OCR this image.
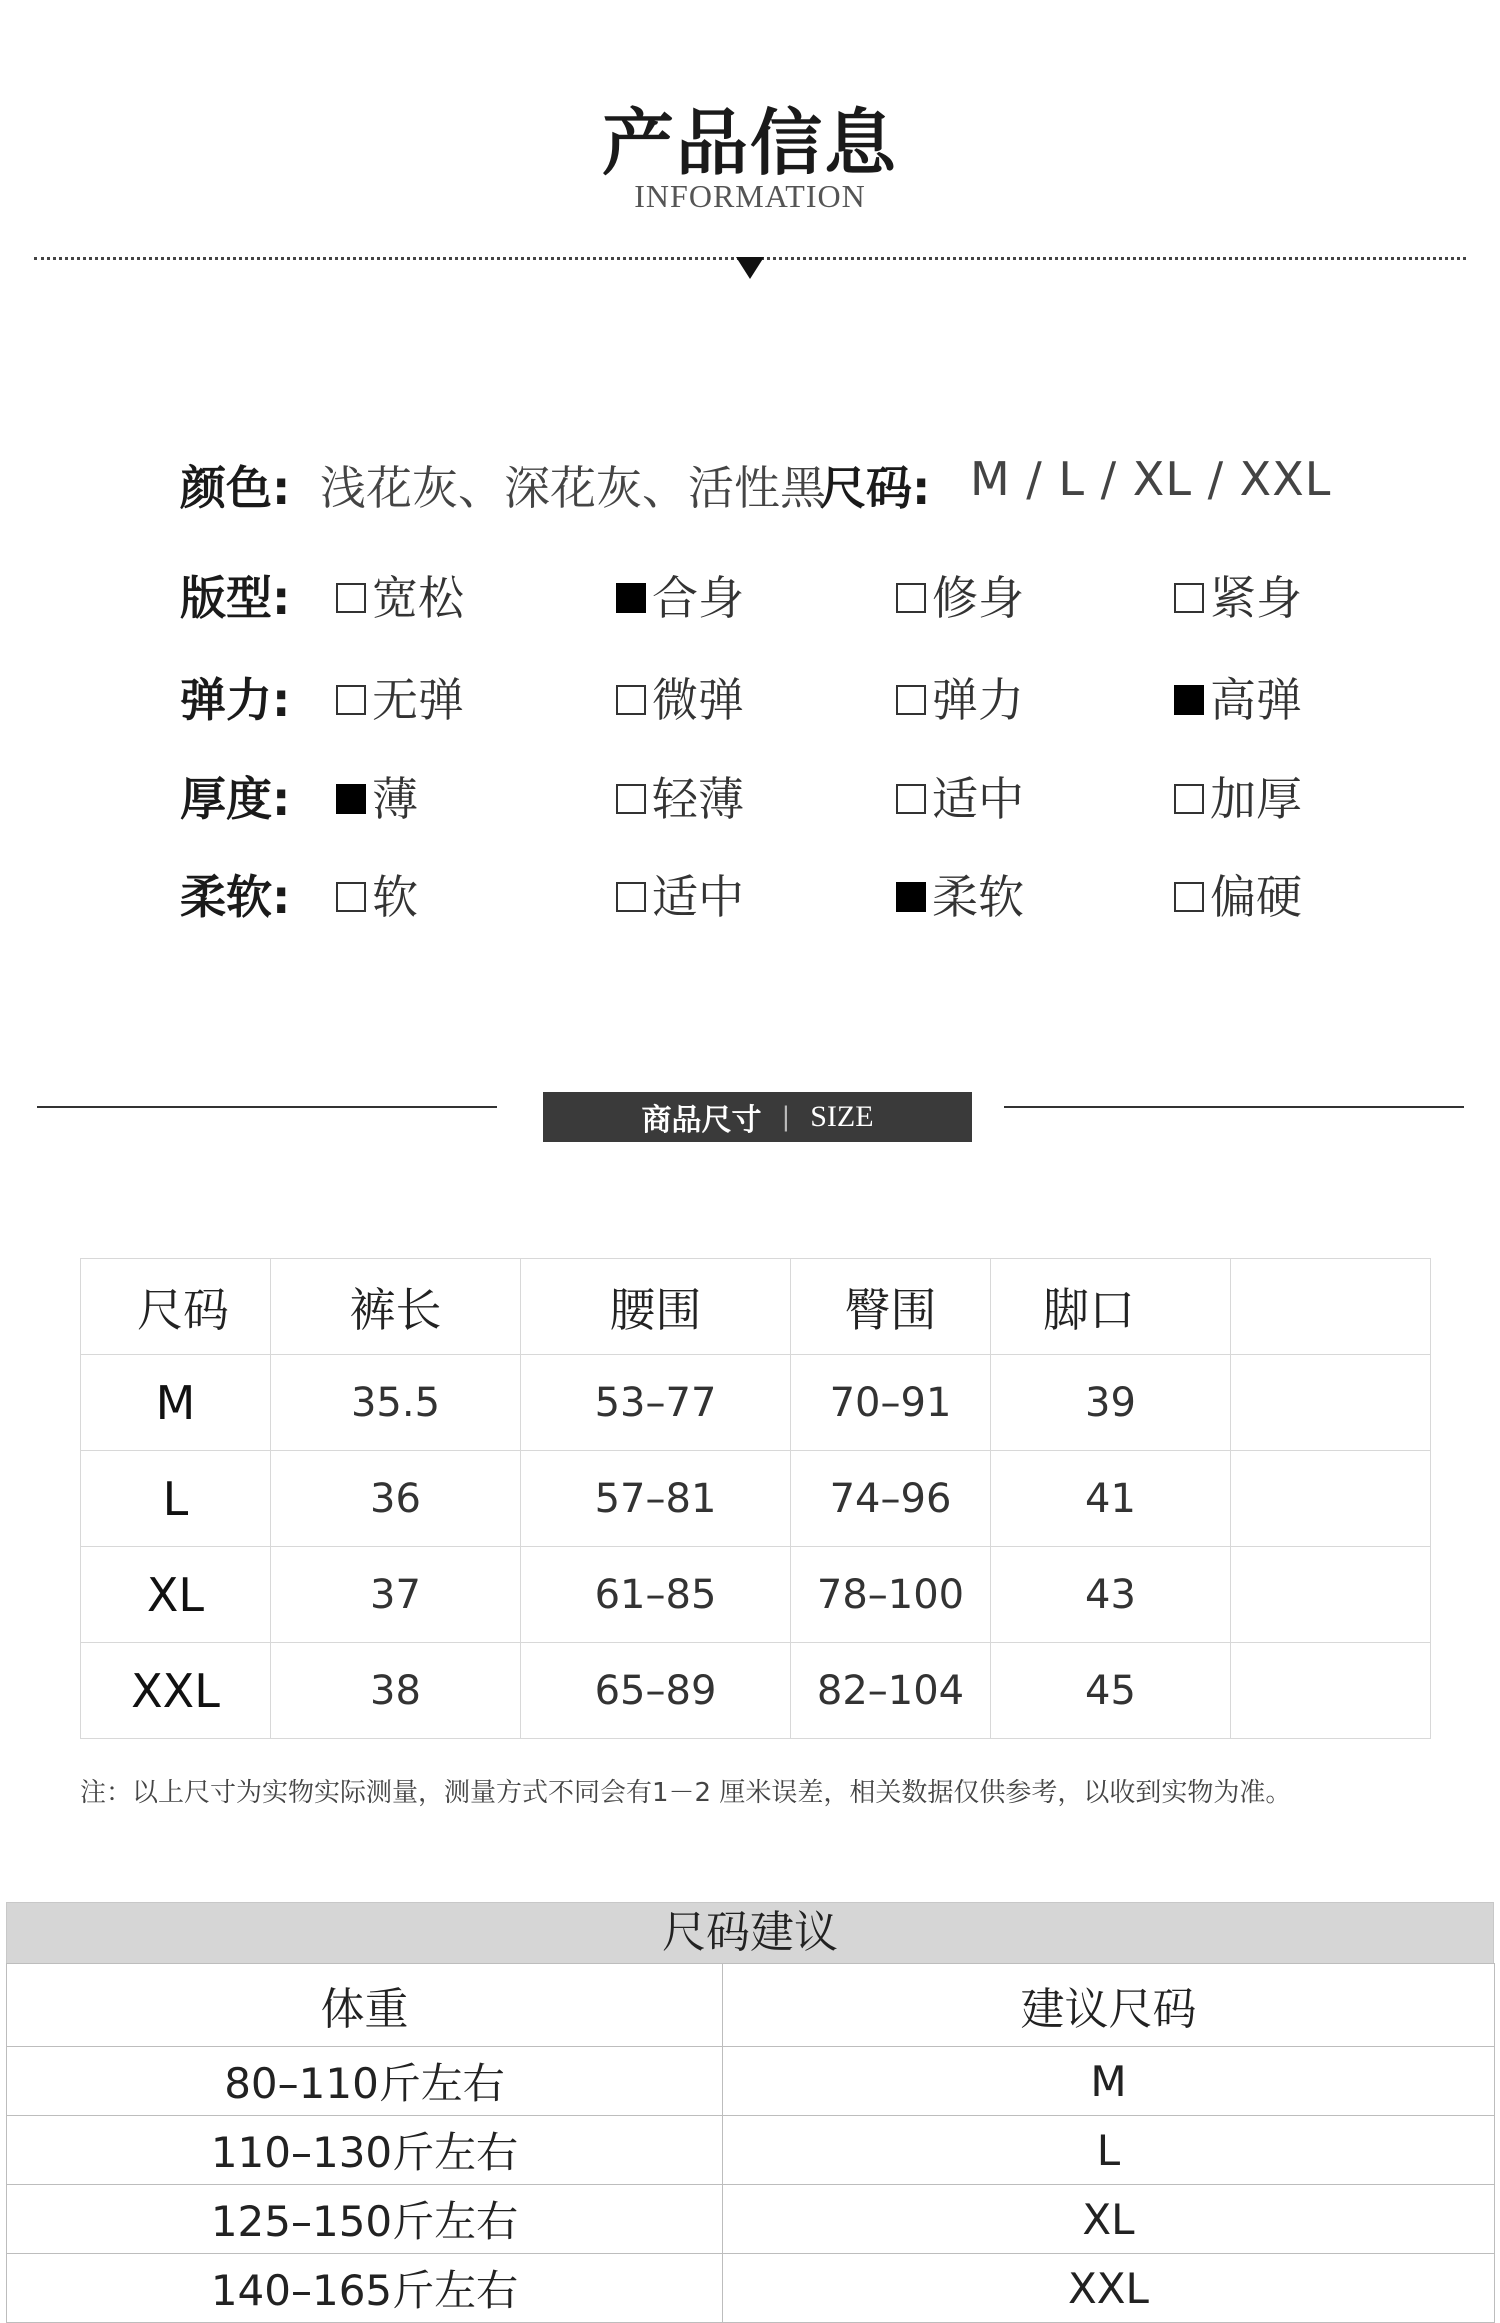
产品信息
INFORMATION
颜色: 浅花灰、深花灰、活性黑
尺码: M / L / XL / XXL
版型:	宽松	合身	修身	紧身
弹力:	无弹	微弹	弹力	高弹
厚度:	薄	轻薄	适中	加厚
柔软:	软	适中	柔软	偏硬
商品尺寸 | SIZE
尺码	裤长	腰围	臀围	脚口	
M	35.5	53–77	70–91	39	
L	36	57–81	74–96	41	
XL	37	61–85	78–100	43	
XXL	38	65–89	82–104	45	
注：以上尺寸为实物实际测量，测量方式不同会有1－2 厘米误差，相关数据仅供参考，以收到实物为准。
尺码建议
体重	建议尺码
80–110斤左右	M
110–130斤左右	L
125–150斤左右	XL
140–165斤左右	XXL
